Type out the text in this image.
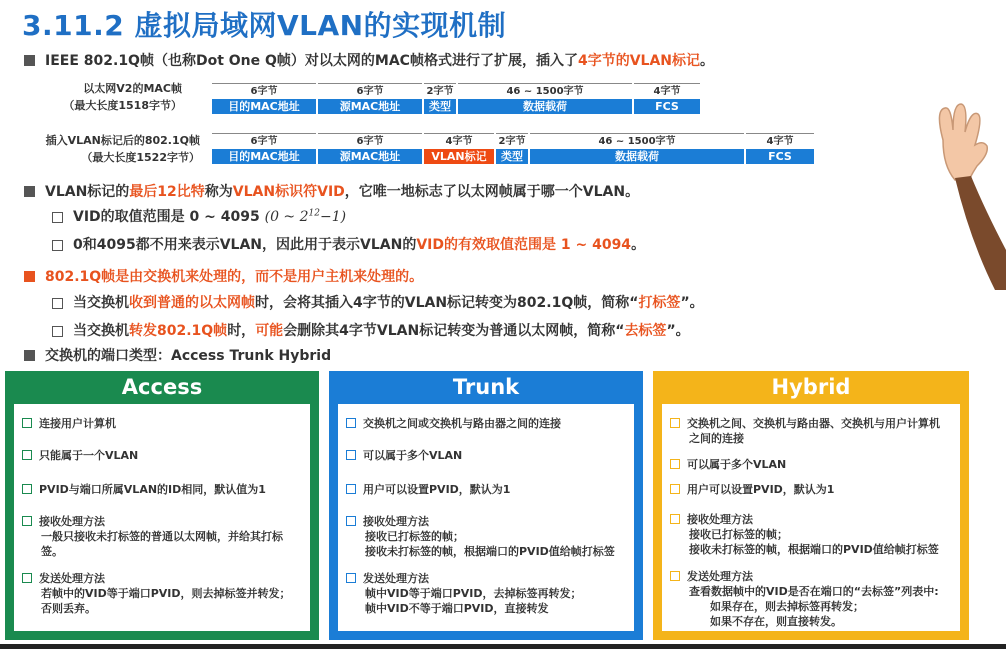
3.11.2 虚拟局域网VLAN的实现机制
IEEE 802.1Q帧（也称Dot One Q帧）对以太网的MAC帧格式进行了扩展，插入了4字节的VLAN标记。
以太网V2的MAC帧
（最大长度1518字节）
6字节
目的MAC地址
6字节
源MAC地址
2字节
类型
46 ~ 1500字节
数据载荷
4字节
FCS
插入VLAN标记后的802.1Q帧
（最大长度1522字节）
6字节
目的MAC地址
6字节
源MAC地址
4字节
VLAN标记
2字节
类型
46 ~ 1500字节
数据载荷
4字节
FCS
VLAN标记的最后12比特称为VLAN标识符VID，它唯一地标志了以太网帧属于哪一个VLAN。
VID的取值范围是 0 ~ 4095 (0 ~ $2^{12}-1$)
0和4095都不用来表示VLAN，因此用于表示VLAN的VID的有效取值范围是 1 ~ 4094。
802.1Q帧是由交换机来处理的，而不是用户主机来处理的。
当交换机收到普通的以太网帧时，会将其插入4字节的VLAN标记转变为802.1Q帧，简称“打标签”。
当交换机转发802.1Q帧时，可能会删除其4字节VLAN标记转变为普通以太网帧，简称“去标签”。
交换机的端口类型：Access Trunk Hybrid
Access
连接用户计算机
只能属于一个VLAN
PVID与端口所属VLAN的ID相同，默认值为1
接收处理方法
一般只接收未打标签的普通以太网帧，并给其打标签。
发送处理方法
若帧中的VID等于端口PVID，则去掉标签并转发；
否则丢弃。
Trunk
交换机之间或交换机与路由器之间的连接
可以属于多个VLAN
用户可以设置PVID，默认为1
接收处理方法
接收已打标签的帧；
接收未打标签的帧，根据端口的PVID值给帧打标签
发送处理方法
帧中VID等于端口PVID，去掉标签再转发；
帧中VID不等于端口PVID，直接转发
Hybrid
交换机之间、交换机与路由器、交换机与用户计算机
之间的连接
可以属于多个VLAN
用户可以设置PVID，默认为1
接收处理方法
接收已打标签的帧；
接收未打标签的帧，根据端口的PVID值给帧打标签
发送处理方法
查看数据帧中的VID是否在端口的“去标签”列表中:
如果存在，则去掉标签再转发；
如果不存在，则直接转发。
